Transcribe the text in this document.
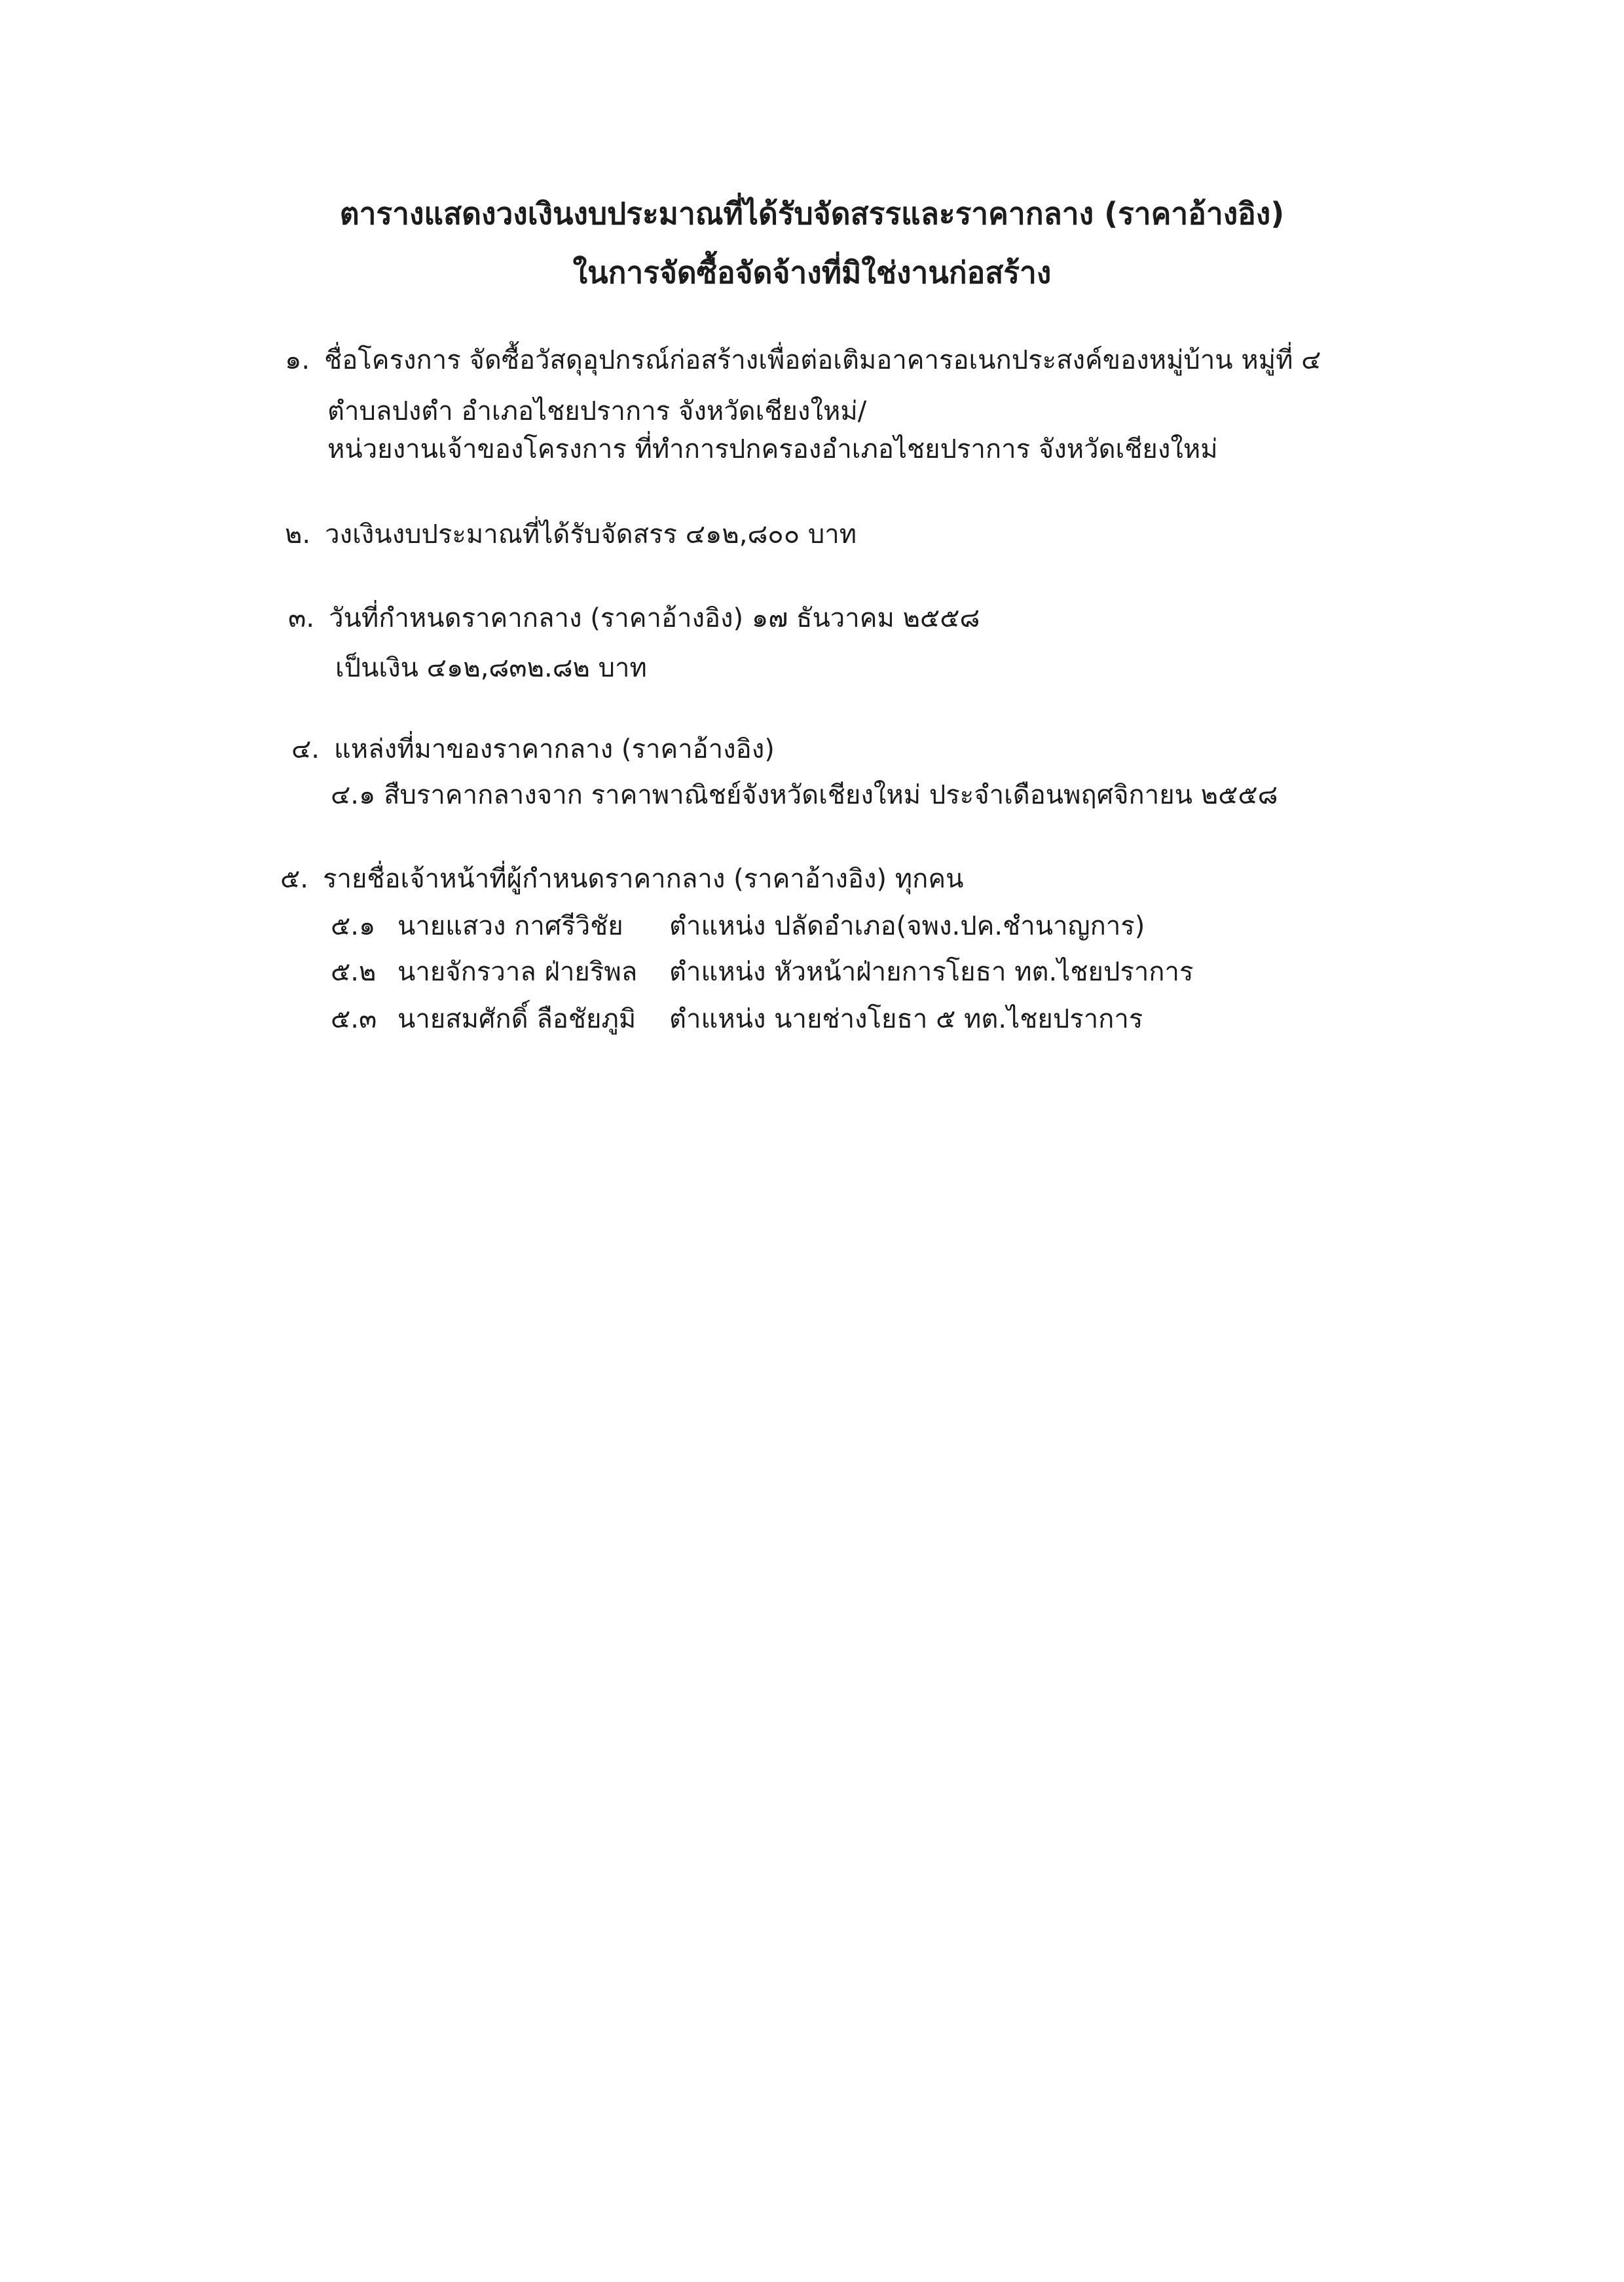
ตารางแสดงวงเงินงบประมาณที่ได้รับจัดสรรและราคากลาง (ราคาอ้างอิง)
ในการจัดซื้อจัดจ้างที่มิใช่งานก่อสร้าง
๑. ชื่อโครงการ จัดซื้อวัสดุอุปกรณ์ก่อสร้างเพื่อต่อเติมอาคารอเนกประสงค์ของหมู่บ้าน หมู่ที่ ๔
ตำบลปงตำ อำเภอไชยปราการ จังหวัดเชียงใหม่/
หน่วยงานเจ้าของโครงการ ที่ทำการปกครองอำเภอไชยปราการ จังหวัดเชียงใหม่
๒. วงเงินงบประมาณที่ได้รับจัดสรร ๔๑๒,๘๐๐ บาท
๓. วันที่กำหนดราคากลาง (ราคาอ้างอิง) ๑๗ ธันวาคม ๒๕๕๘
เป็นเงิน ๔๑๒,๘๓๒.๘๒ บาท
๔. แหล่งที่มาของราคากลาง (ราคาอ้างอิง)
๔.๑ สืบราคากลางจาก ราคาพาณิชย์จังหวัดเชียงใหม่ ประจำเดือนพฤศจิกายน ๒๕๕๘
๕. รายชื่อเจ้าหน้าที่ผู้กำหนดราคากลาง (ราคาอ้างอิง) ทุกคน
๕.๑ นายแสวง กาศรีวิชัย ตำแหน่ง ปลัดอำเภอ(จพง.ปค.ชำนาญการ)
๕.๒ นายจักรวาล ฝ่ายริพล ตำแหน่ง หัวหน้าฝ่ายการโยธา ทต.ไชยปราการ
๕.๓ นายสมศักดิ์ ลือชัยภูมิ ตำแหน่ง นายช่างโยธา ๕ ทต.ไชยปราการ
